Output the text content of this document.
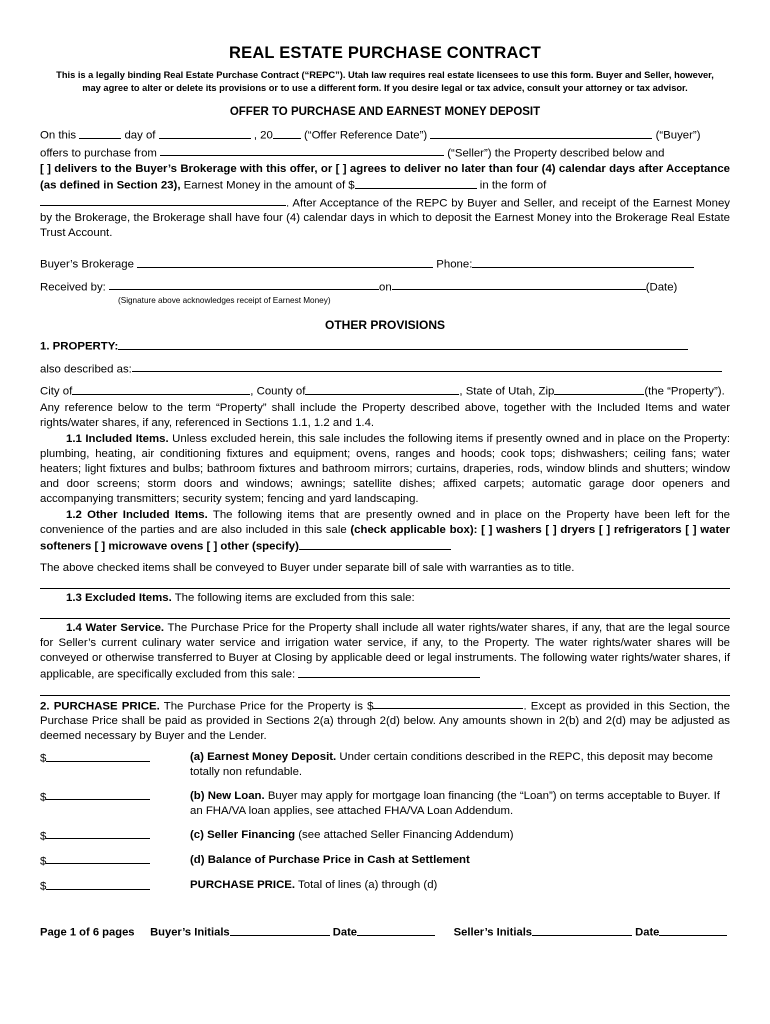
REAL ESTATE PURCHASE CONTRACT
This is a legally binding Real Estate Purchase Contract (“REPC”). Utah law requires real estate licensees to use this form. Buyer and Seller, however, may agree to alter or delete its provisions or to use a different form. If you desire legal or tax advice, consult your attorney or tax advisor.
OFFER TO PURCHASE AND EARNEST MONEY DEPOSIT

On this	day of	, 20	(“Offer Reference Date”)	(“Buyer”)

offers to purchase from	(“Seller”) the Property described below and

[ ] delivers to the Buyer’s Brokerage with this offer, or [ ] agrees to deliver no later than four (4) calendar days after Acceptance (as defined in Section 23), Earnest Money in the amount of $	in the form of

. After Acceptance of the REPC by Buyer and Seller, and receipt of the Earnest Money by the Brokerage, the Brokerage shall have four (4) calendar days in which to deposit the Earnest Money into the Brokerage Real Estate Trust Account.

Buyer’s Brokerage	Phone:

Received by:	on	(Date)

(Signature above acknowledges receipt of Earnest Money)
OTHER PROVISIONS

1. PROPERTY:

also described as:

City of	, County of	, State of Utah, Zip	(the “Property”).

Any reference below to the term “Property” shall include the Property described above, together with the Included Items and water rights/water shares, if any, referenced in Sections 1.1, 1.2 and 1.4.

1.1 Included Items. Unless excluded herein, this sale includes the following items if presently owned and in place on the Property: plumbing, heating, air conditioning fixtures and equipment; ovens, ranges and hoods; cook tops; dishwashers; ceiling fans; water heaters; light fixtures and bulbs; bathroom fixtures and bathroom mirrors; curtains, draperies, rods, window blinds and shutters; window and door screens; storm doors and windows; awnings; satellite dishes; affixed carpets; automatic garage door openers and accompanying transmitters; security system; fencing and yard landscaping.

1.2 Other Included Items. The following items that are presently owned and in place on the Property have been left for the convenience of the parties and are also included in this sale (check applicable box): [ ] washers [ ] dryers [ ] refrigerators [ ] water softeners [ ] microwave ovens [ ] other (specify)

The above checked items shall be conveyed to Buyer under separate bill of sale with warranties as to title.

1.3 Excluded Items. The following items are excluded from this sale:

1.4 Water Service. The Purchase Price for the Property shall include all water rights/water shares, if any, that are the legal source for Seller’s current culinary water service and irrigation water service, if any, to the Property. The water rights/water shares will be conveyed or otherwise transferred to Buyer at Closing by applicable deed or legal instruments. The following water rights/water shares, if applicable, are specifically excluded from this sale:

2. PURCHASE PRICE. The Purchase Price for the Property is $	. Except as provided in this Section, the Purchase Price shall be paid as provided in Sections 2(a) through 2(d) below. Any amounts shown in 2(b) and 2(d) may be adjusted as deemed necessary by Buyer and the Lender.

$	(a) Earnest Money Deposit. Under certain conditions described in the REPC, this deposit may become totally non refundable.
$	(b) New Loan. Buyer may apply for mortgage loan financing (the “Loan”) on terms acceptable to Buyer. If an FHA/VA loan applies, see attached FHA/VA Loan Addendum.
$	(c) Seller Financing (see attached Seller Financing Addendum)
$	(d) Balance of Purchase Price in Cash at Settlement
$	PURCHASE PRICE. Total of lines (a) through (d)
Page 1 of 6 pages Buyer’s Initials	Date	Seller’s Initials	Date
